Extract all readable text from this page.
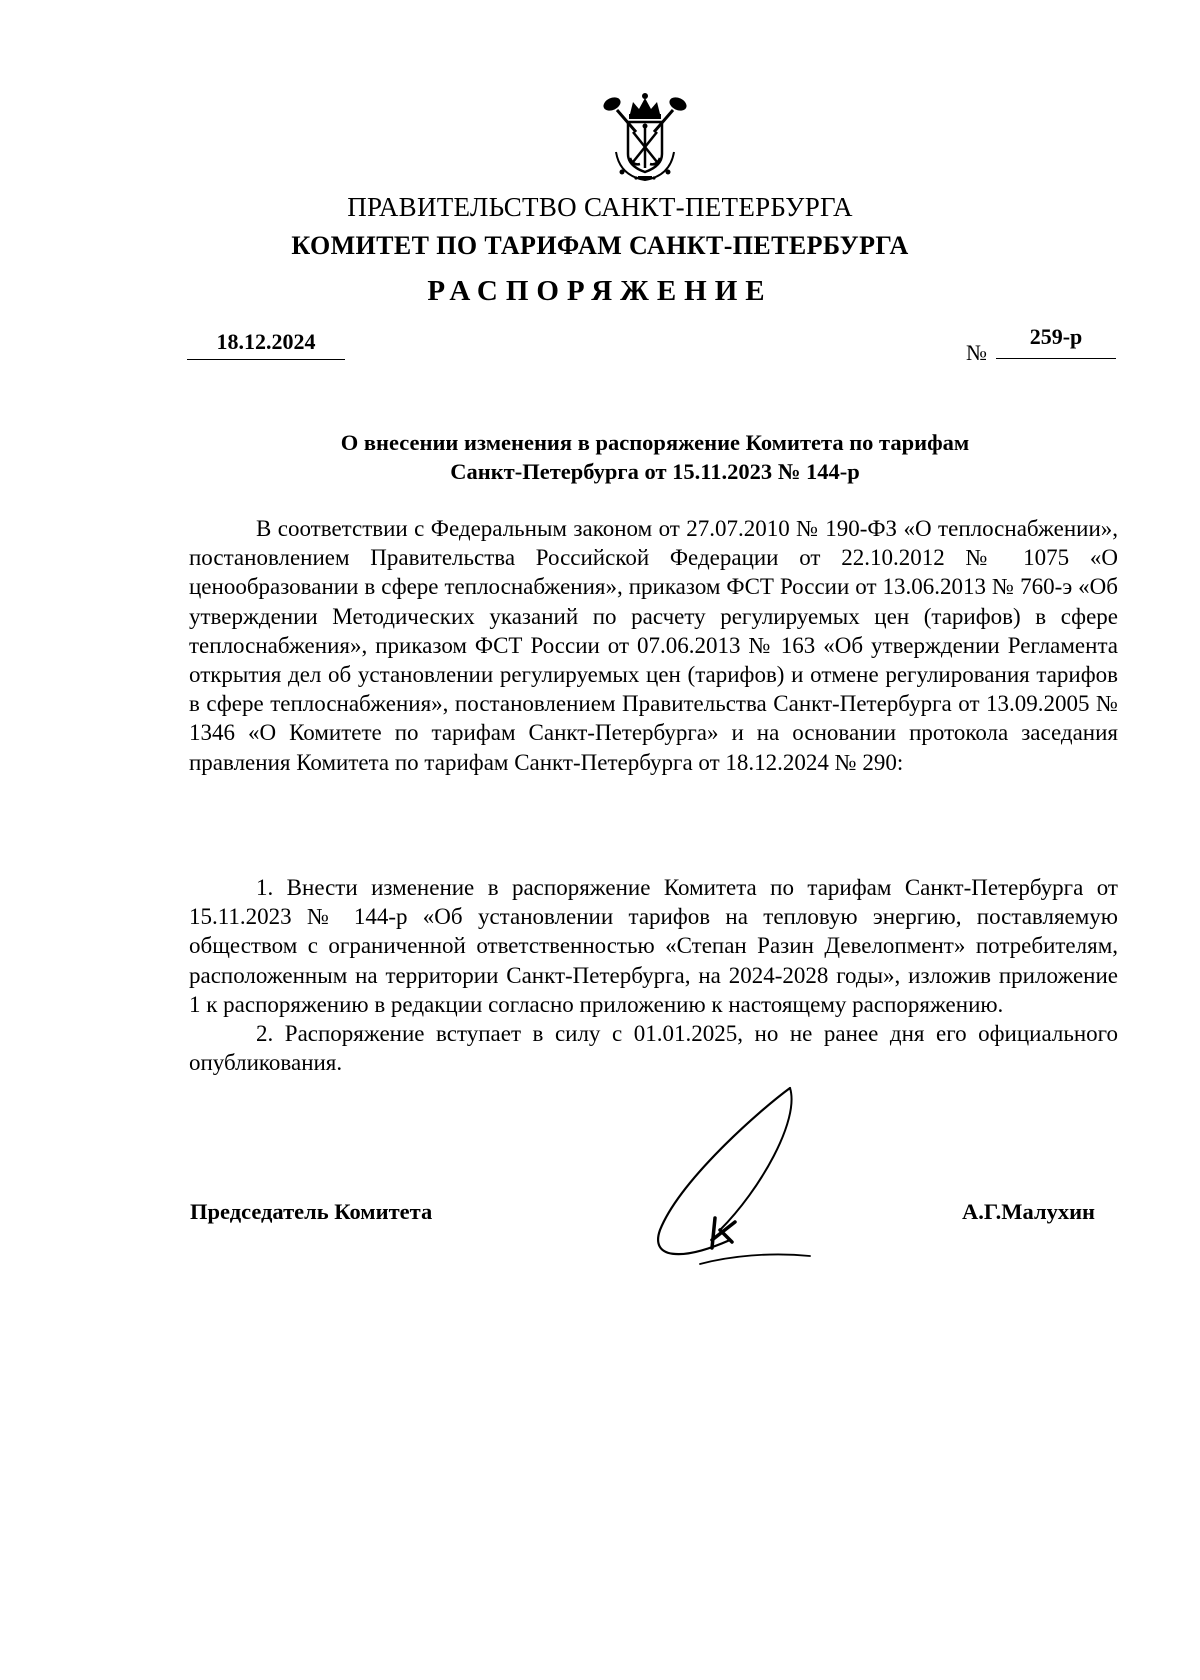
ПРАВИТЕЛЬСТВО САНКТ-ПЕТЕРБУРГА
КОМИТЕТ ПО ТАРИФАМ САНКТ-ПЕТЕРБУРГА
РАСПОРЯЖЕНИЕ
18.12.2024	№
259-р
О внесении изменения в распоряжение Комитета по тарифам
Санкт-Петербурга от 15.11.2023 № 144-р

В соответствии с Федеральным законом от 27.07.2010 № 190-ФЗ «О теплоснабжении», постановлением Правительства Российской Федерации от 22.10.2012 № 1075 «О ценообразовании в сфере теплоснабжения», приказом ФСТ России от 13.06.2013 № 760-э «Об утверждении Методических указаний по расчету регулируемых цен (тарифов) в сфере теплоснабжения», приказом ФСТ России от 07.06.2013 № 163 «Об утверждении Регламента открытия дел об установлении регулируемых цен (тарифов) и отмене регулирования тарифов в сфере теплоснабжения», постановлением Правительства Санкт-Петербурга от 13.09.2005 № 1346 «О Комитете по тарифам Санкт-Петербурга» и на основании протокола заседания правления Комитета по тарифам Санкт-Петербурга от 18.12.2024 № 290:

1. Внести изменение в распоряжение Комитета по тарифам Санкт-Петербурга от 15.11.2023 № 144-р «Об установлении тарифов на тепловую энергию, поставляемую обществом с ограниченной ответственностью «Степан Разин Девелопмент» потребителям, расположенным на территории Санкт-Петербурга, на 2024-2028 годы», изложив приложение 1 к распоряжению в редакции согласно приложению к настоящему распоряжению.

2. Распоряжение вступает в силу с 01.01.2025, но не ранее дня его официального опубликования.

Председатель Комитета	А.Г.Малухин
